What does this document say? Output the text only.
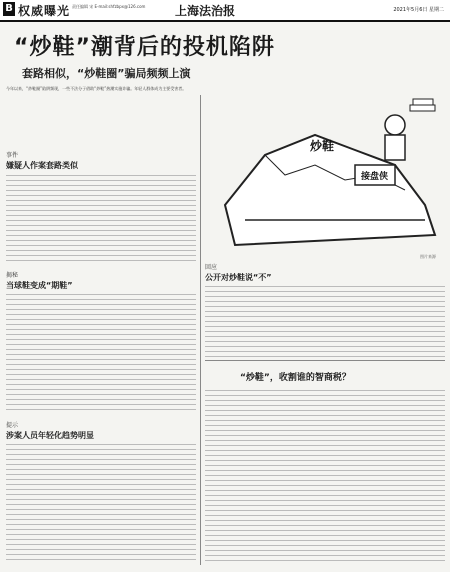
B 权威曝光 责任编辑 宋 E-mail:shfzbpx@126.com 上海法治报	2021年5月6日 星期二
“炒鞋”潮背后的投机陷阱
套路相似，“炒鞋圈”骗局频频上演
今年以来，“炒鞋圈”陷阱频现，一些不法分子借助“炒鞋”热潮实施诈骗。年轻人群体成为主要受害者。
炒鞋
接盘侠
事件
嫌疑人作案套路类似
揭秘
当球鞋变成“期鞋”
提示
涉案人员年轻化趋势明显
回应
公开对炒鞋说“不”
“炒鞋”，收割谁的智商税？
图片来源
